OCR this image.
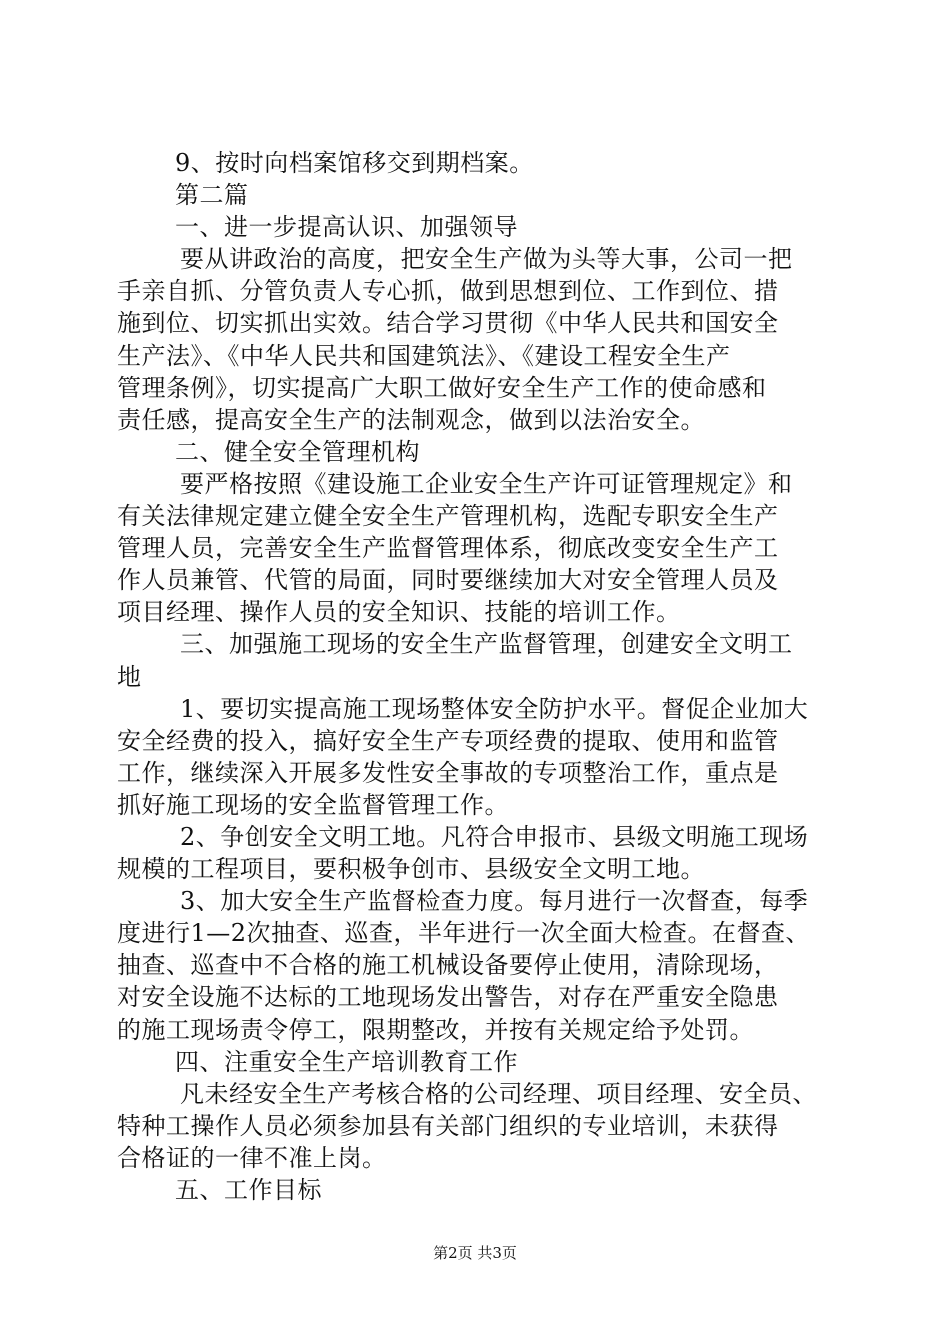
9、按时向档案馆移交到期档案。
第二篇
一、进一步提高认识、加强领导
要从讲政治的高度，把安全生产做为头等大事，公司一把
手亲自抓、分管负责人专心抓，做到思想到位、工作到位、措
施到位、切实抓出实效。结合学习贯彻《中华人民共和国安全
生产法》、《中华人民共和国建筑法》、《建设工程安全生产
管理条例》，切实提高广大职工做好安全生产工作的使命感和
责任感，提高安全生产的法制观念，做到以法治安全。
二、健全安全管理机构
要严格按照《建设施工企业安全生产许可证管理规定》和
有关法律规定建立健全安全生产管理机构，选配专职安全生产
管理人员，完善安全生产监督管理体系，彻底改变安全生产工
作人员兼管、代管的局面，同时要继续加大对安全管理人员及
项目经理、操作人员的安全知识、技能的培训工作。
三、加强施工现场的安全生产监督管理，创建安全文明工
地
1、要切实提高施工现场整体安全防护水平。督促企业加大
安全经费的投入，搞好安全生产专项经费的提取、使用和监管
工作，继续深入开展多发性安全事故的专项整治工作，重点是
抓好施工现场的安全监督管理工作。
2、争创安全文明工地。凡符合申报市、县级文明施工现场
规模的工程项目，要积极争创市、县级安全文明工地。
3、加大安全生产监督检查力度。每月进行一次督查，每季
度进行1—2次抽查、巡查，半年进行一次全面大检查。在督查、
抽查、巡查中不合格的施工机械设备要停止使用，清除现场，
对安全设施不达标的工地现场发出警告，对存在严重安全隐患
的施工现场责令停工，限期整改，并按有关规定给予处罚。
四、注重安全生产培训教育工作
凡未经安全生产考核合格的公司经理、项目经理、安全员、
特种工操作人员必须参加县有关部门组织的专业培训，未获得
合格证的一律不准上岗。
五、工作目标
第2页 共3页
